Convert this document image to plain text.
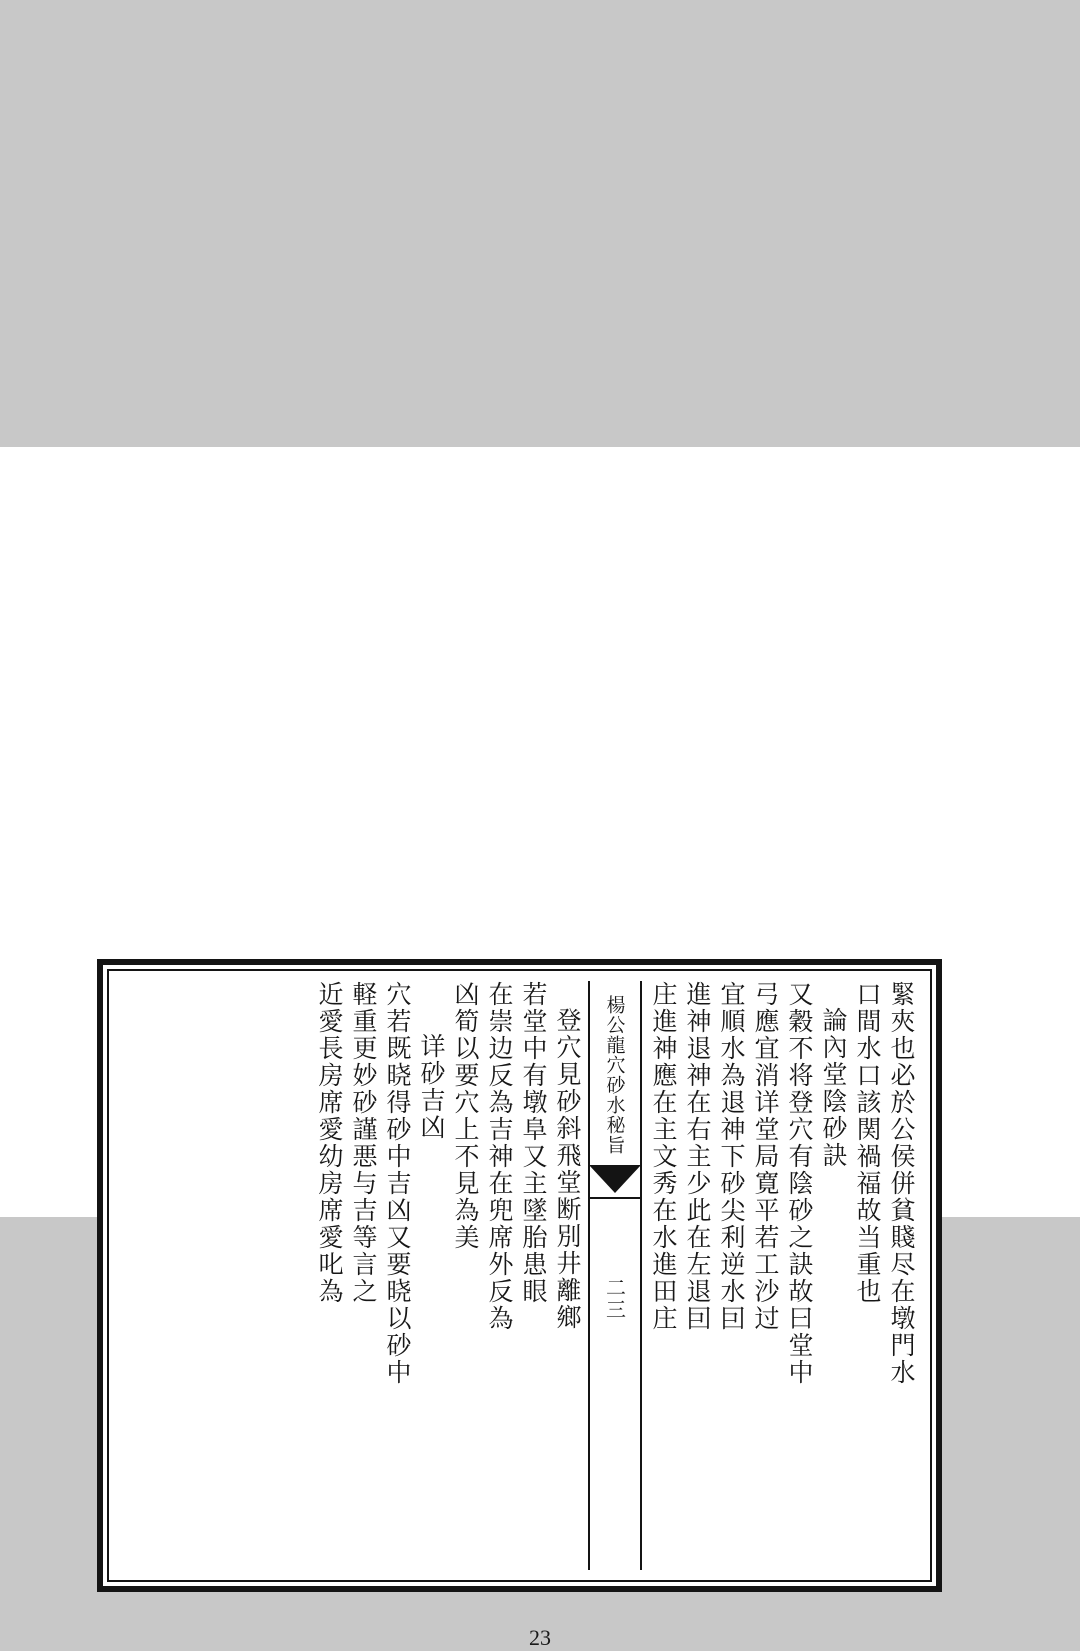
緊夾也必於公侯併貧賤尽在墩門水
口間水口該関禍福故当重也
論內堂陰砂訣
又穀不将登穴有陰砂之訣故曰堂中
弓應宜消详堂局寛平若工沙过
宜順水為退神下砂尖利逆水囙
進神退神在右主少此在左退囙
庄進神應在主文秀在水進田庄
楊公龍穴砂水秘旨
二三
登穴見砂斜飛堂断別井離鄉
若堂中有墩阜又主墜胎患眼
在崇边反為吉神在兜席外反為
凶筍以要穴上不見為美
详砂吉凶
穴若既晓得砂中吉凶又要晓以砂中
軽重更妙砂謹悪与吉等言之
近愛長房席愛幼房席愛叱為
23
